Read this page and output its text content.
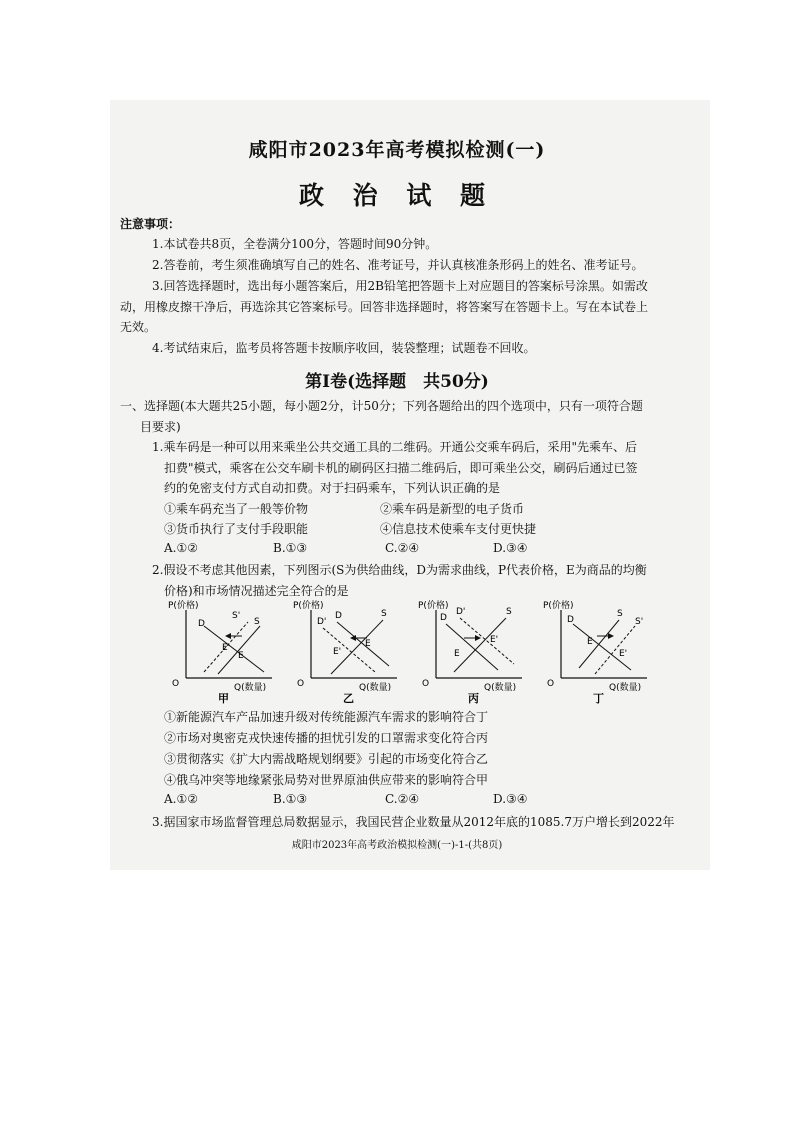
咸阳市2023年高考模拟检测(一)
政 治 试 题
注意事项：
1.本试卷共8页，全卷满分100分，答题时间90分钟。
2.答卷前，考生须准确填写自己的姓名、准考证号，并认真核准条形码上的姓名、准考证号。
3.回答选择题时，选出每小题答案后，用2B铅笔把答题卡上对应题目的答案标号涂黑。如需改动，用橡皮擦干净后，再选涂其它答案标号。回答非选择题时，将答案写在答题卡上。写在本试卷上无效。
4.考试结束后，监考员将答题卡按顺序收回，装袋整理；试题卷不回收。
第Ⅰ卷(选择题　共50分)
一、选择题(本大题共25小题，每小题2分，计50分；下列各题给出的四个选项中，只有一项符合题目要求)
1.乘车码是一种可以用来乘坐公共交通工具的二维码。开通公交乘车码后，采用"先乘车、后扣费"模式，乘客在公交车刷卡机的刷码区扫描二维码后，即可乘坐公交，刷码后通过已签约的免密支付方式自动扣费。对于扫码乘车，下列认识正确的是
①乘车码充当了一般等价物	②乘车码是新型的电子货币
③货币执行了支付手段职能	④信息技术使乘车支付更快捷
A.①②	B.①③	C.②④	D.③④
2.假设不考虑其他因素，下列图示(S为供给曲线，D为需求曲线，P代表价格，E为商品的均衡价格)和市场情况描述完全符合的是
P(价格)
O	Q(数量)
D
S'
S
E'
E
甲
P(价格)
O	Q(数量)
D
D'
S
E
E'
乙
P(价格)
O	Q(数量)
D
D'	S
E
E'
丙
P(价格)
O	Q(数量)
D
S
S'
E
E'
丁
①新能源汽车产品加速升级对传统能源汽车需求的影响符合丁
②市场对奥密克戎快速传播的担忧引发的口罩需求变化符合丙
③贯彻落实《扩大内需战略规划纲要》引起的市场变化符合乙
④俄乌冲突等地缘紧张局势对世界原油供应带来的影响符合甲
A.①②	B.①③	C.②④	D.③④
3.据国家市场监督管理总局数据显示，我国民营企业数量从2012年底的1085.7万户增长到2022年
咸阳市2023年高考政治模拟检测(一)-1-(共8页)
